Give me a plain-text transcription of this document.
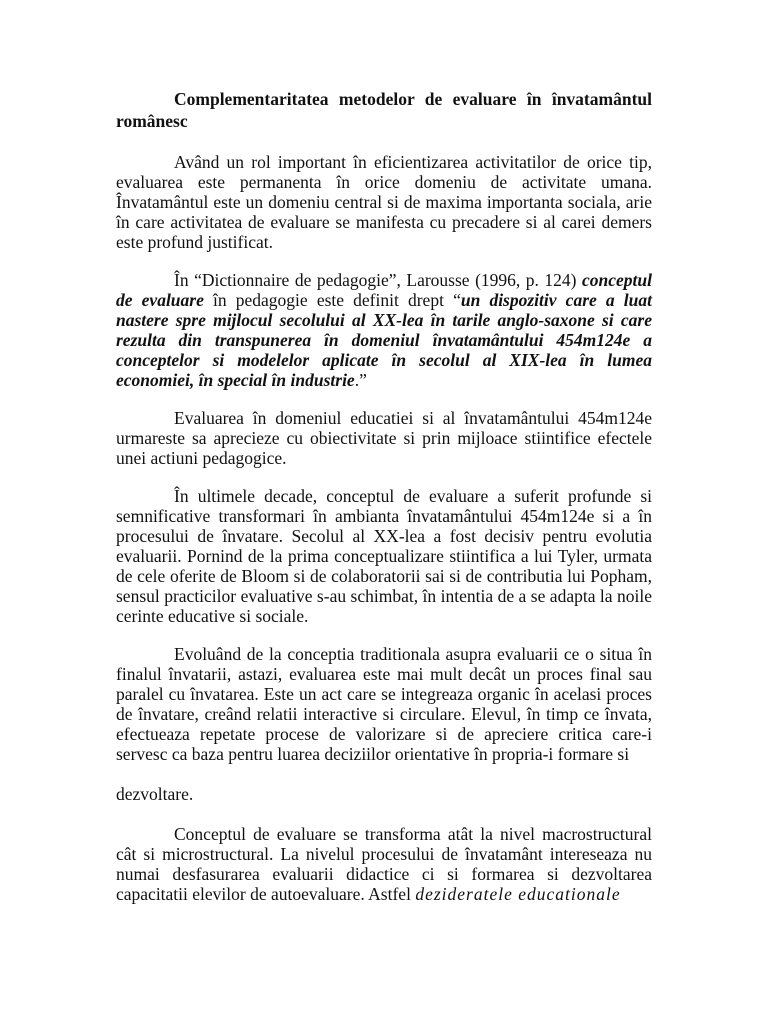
Complementaritatea metodelor de evaluare în învatamântul românesc

Având un rol important în eficientizarea activitatilor de orice tip, evaluarea este permanenta în orice domeniu de activitate umana. Învatamântul este un domeniu central si de maxima importanta sociala, arie în care activitatea de evaluare se manifesta cu precadere si al carei demers este profund justificat.

În “Dictionnaire de pedagogie”, Larousse (1996, p. 124) conceptul de evaluare în pedagogie este definit drept “un dispozitiv care a luat nastere spre mijlocul secolului al XX-lea în tarile anglo-saxone si care rezulta din transpunerea în domeniul învatamântului 454m124e a conceptelor si modelelor aplicate în secolul al XIX-lea în lumea economiei, în special în industrie.”

Evaluarea în domeniul educatiei si al învatamântului 454m124e urmareste sa aprecieze cu obiectivitate si prin mijloace stiintifice efectele unei actiuni pedagogice.

În ultimele decade, conceptul de evaluare a suferit profunde si semnificative transformari în ambianta învatamântului 454m124e si a în procesului de învatare. Secolul al XX-lea a fost decisiv pentru evolutia evaluarii. Pornind de la prima conceptualizare stiintifica a lui Tyler, urmata de cele oferite de Bloom si de colaboratorii sai si de contributia lui Popham, sensul practicilor evaluative s-au schimbat, în intentia de a se adapta la noile cerinte educative si sociale.

Evoluând de la conceptia traditionala asupra evaluarii ce o situa în finalul învatarii, astazi, evaluarea este mai mult decât un proces final sau paralel cu învatarea. Este un act care se integreaza organic în acelasi proces de învatare, creând relatii interactive si circulare. Elevul, în timp ce învata, efectueaza repetate procese de valorizare si de apreciere critica care-i servesc ca baza pentru luarea deciziilor orientative în propria-i formare si

dezvoltare.

Conceptul de evaluare se transforma atât la nivel macrostructural cât si microstructural. La nivelul procesului de învatamânt intereseaza nu numai desfasurarea evaluarii didactice ci si formarea si dezvoltarea capacitatii elevilor de autoevaluare. Astfel dezideratele educationale
